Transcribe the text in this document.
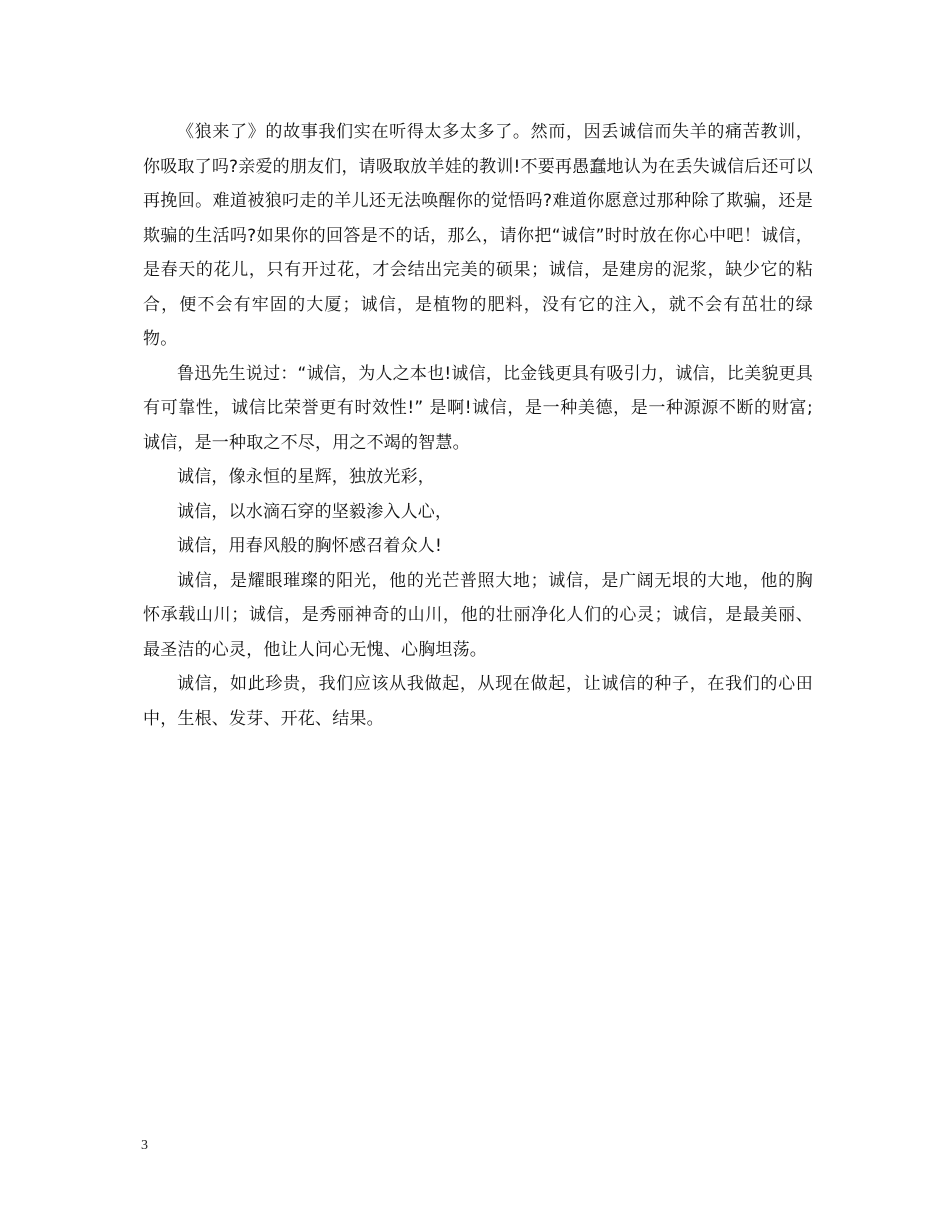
《狼来了》的故事我们实在听得太多太多了。然而，因丢诚信而失羊的痛苦教训，你吸取了吗?亲爱的朋友们，请吸取放羊娃的教训!不要再愚蠢地认为在丢失诚信后还可以再挽回。难道被狼叼走的羊儿还无法唤醒你的觉悟吗?难道你愿意过那种除了欺骗，还是欺骗的生活吗?如果你的回答是不的话，那么，请你把“诚信”时时放在你心中吧！诚信，是春天的花儿，只有开过花，才会结出完美的硕果；诚信，是建房的泥浆，缺少它的粘合，便不会有牢固的大厦；诚信，是植物的肥料，没有它的注入，就不会有茁壮的绿物。

鲁迅先生说过：“诚信，为人之本也!诚信，比金钱更具有吸引力，诚信，比美貌更具有可靠性，诚信比荣誉更有时效性!” 是啊!诚信，是一种美德，是一种源源不断的财富;诚信，是一种取之不尽，用之不竭的智慧。

诚信，像永恒的星辉，独放光彩，

诚信，以水滴石穿的坚毅渗入人心，

诚信，用春风般的胸怀感召着众人!

诚信，是耀眼璀璨的阳光，他的光芒普照大地；诚信，是广阔无垠的大地，他的胸怀承载山川；诚信，是秀丽神奇的山川，他的壮丽净化人们的心灵；诚信，是最美丽、最圣洁的心灵，他让人问心无愧、心胸坦荡。

诚信，如此珍贵，我们应该从我做起，从现在做起，让诚信的种子，在我们的心田中，生根、发芽、开花、结果。

3
